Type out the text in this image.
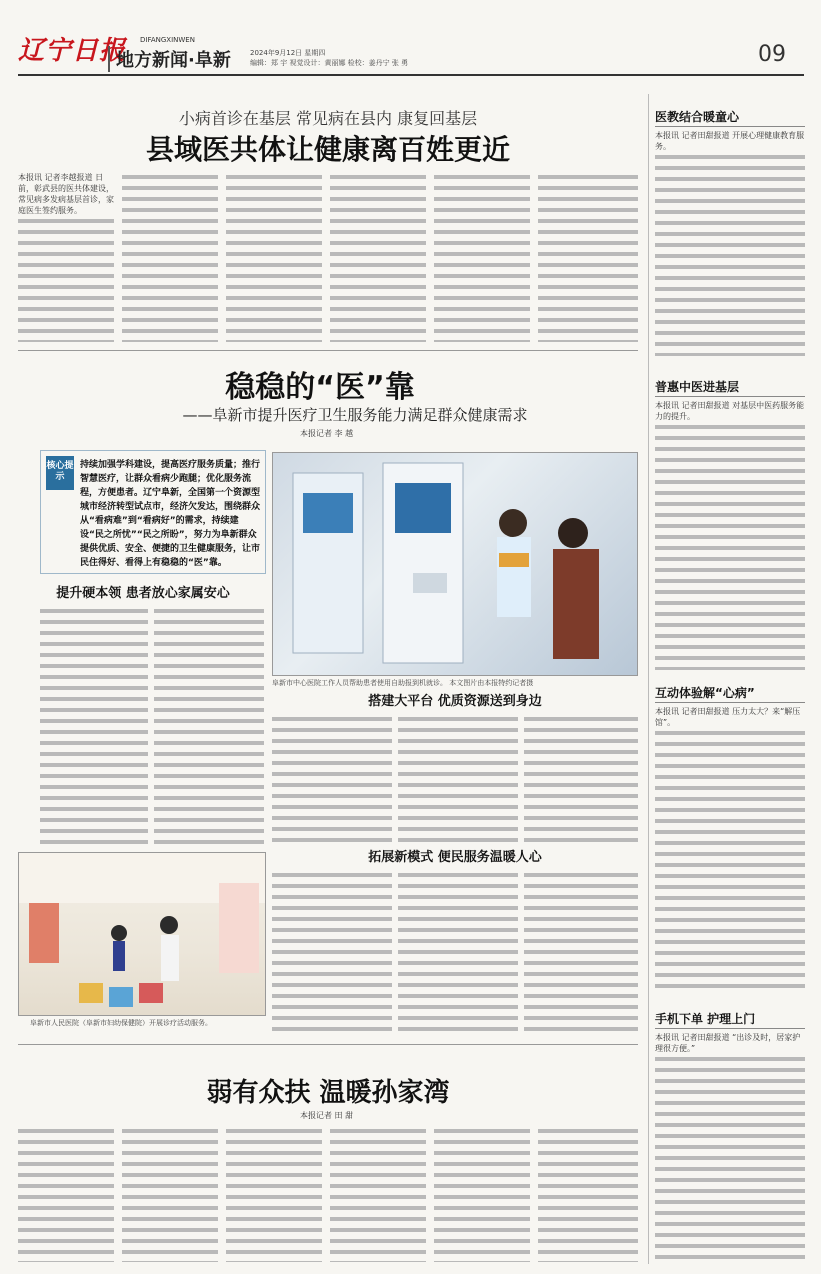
辽宁日报 DIFANGXINWEN
地方新闻·阜新	2024年9月12日 星期四
编辑：郑 宇 视觉设计：黄丽娜 检校：姜丹宁 张 勇	09
小病首诊在基层 常见病在县内 康复回基层
县域医共体让健康离百姓更近
本报讯 记者李越报道 日前，彰武县的医共体建设，常见病多发病基层首诊，家庭医生签约服务。
稳稳的“医”靠
——阜新市提升医疗卫生服务能力满足群众健康需求
本报记者 李 越
核心提示
持续加强学科建设，提高医疗服务质量；推行智慧医疗，让群众看病少跑腿；优化服务流程，方便患者。辽宁阜新，全国第一个资源型城市经济转型试点市，经济欠发达，围绕群众从“看病难”到“看病好”的需求，持续建设“民之所忧”“民之所盼”，努力为阜新群众提供优质、安全、便捷的卫生健康服务，让市民住得好、看得上有稳稳的“医”靠。
阜新市中心医院工作人员帮助患者使用自助报到机就诊。 本文图片由本报特约记者摄
提升硬本领 患者放心家属安心
搭建大平台 优质资源送到身边
阜新市人民医院（阜新市妇幼保健院）开展诊疗活动服务。
拓展新模式 便民服务温暖人心
弱有众扶 温暖孙家湾
本报记者 田 甜
医教结合暖童心
本报讯 记者田甜报道 开展心理健康教育服务。
普惠中医进基层
本报讯 记者田甜报道 对基层中医药服务能力的提升。
互动体验解“心病”
本报讯 记者田甜报道 压力太大？来“解压馆”。
手机下单 护理上门
本报讯 记者田甜报道 “出诊及时，居家护理很方便。”
